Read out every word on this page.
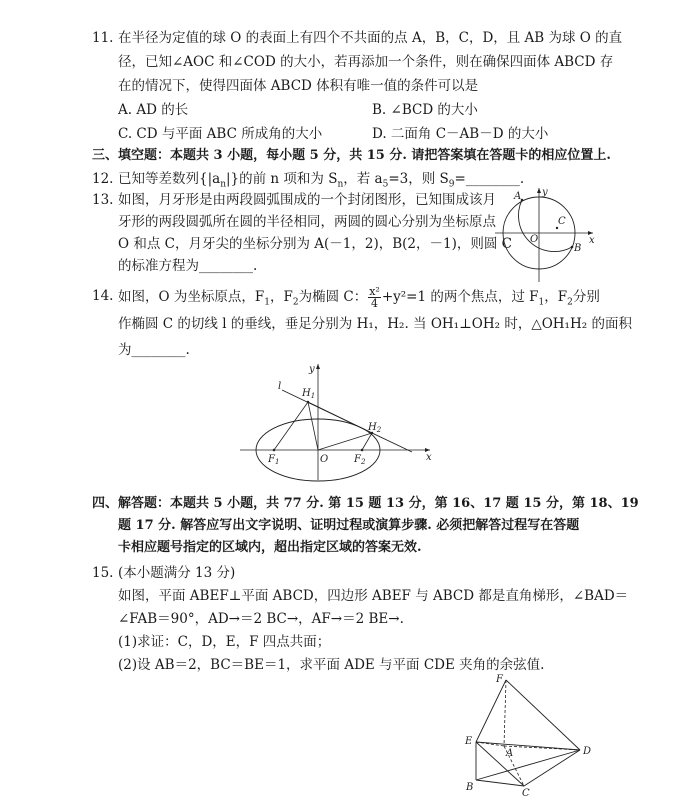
11. 在半径为定值的球 O 的表面上有四个不共面的点 A，B，C，D，且 AB 为球 O 的直
径，已知∠AOC 和∠COD 的大小，若再添加一个条件，则在确保四面体 ABCD 存
在的情况下，使得四面体 ABCD 体积有唯一值的条件可以是
A. AD 的长	B. ∠BCD 的大小
C. CD 与平面 ABC 所成角的大小	D. 二面角 C－AB－D 的大小
三、填空题：本题共 3 小题，每小题 5 分，共 15 分. 请把答案填在答题卡的相应位置上.
12. 已知等差数列$\{|a_n|\}$的前 n 项和为 $S_n$，若 $a_5=3$，则 $S_9=\_\_\_\_\_\_\_\_$.
13. 如图，月牙形是由两段圆弧围成的一个封闭图形，已知围成该月
牙形的两段圆弧所在圆的半径相同，两圆的圆心分别为坐标原点
O 和点 C，月牙尖的坐标分别为 A(－1，2)，B(2，－1)，则圆 C
的标准方程为________.
y
x
A
B
C
O
14. 如图，O 为坐标原点，$F_1$，$F_2$为椭圆 C： $\frac{\text{x²}}{4} +y^2=1$ 的两个焦点，过 $F_1$，$F_2$分别
作椭圆 C 的切线 l 的垂线，垂足分别为 H₁，H₂. 当 OH₁⊥OH₂ 时，△OH₁H₂ 的面积
为________.
y
x
l
$H_1$
$H_2$
$F_1$	$F_2$
O
四、解答题：本题共 5 小题，共 77 分. 第 15 题 13 分，第 16、17 题 15 分，第 18、19
题 17 分. 解答应写出文字说明、证明过程或演算步骤. 必须把解答过程写在答题
卡相应题号指定的区域内，超出指定区域的答案无效.
15. (本小题满分 13 分)
如图，平面 ABEF⊥平面 ABCD，四边形 ABEF 与 ABCD 都是直角梯形，∠BAD＝
∠FAB＝90°，AD→＝2 BC→，AF→＝2 BE→.
(1)求证：C，D，E，F 四点共面；
(2)设 AB＝2，BC＝BE＝1，求平面 ADE 与平面 CDE 夹角的余弦值.
F
E
A	D
B
C
